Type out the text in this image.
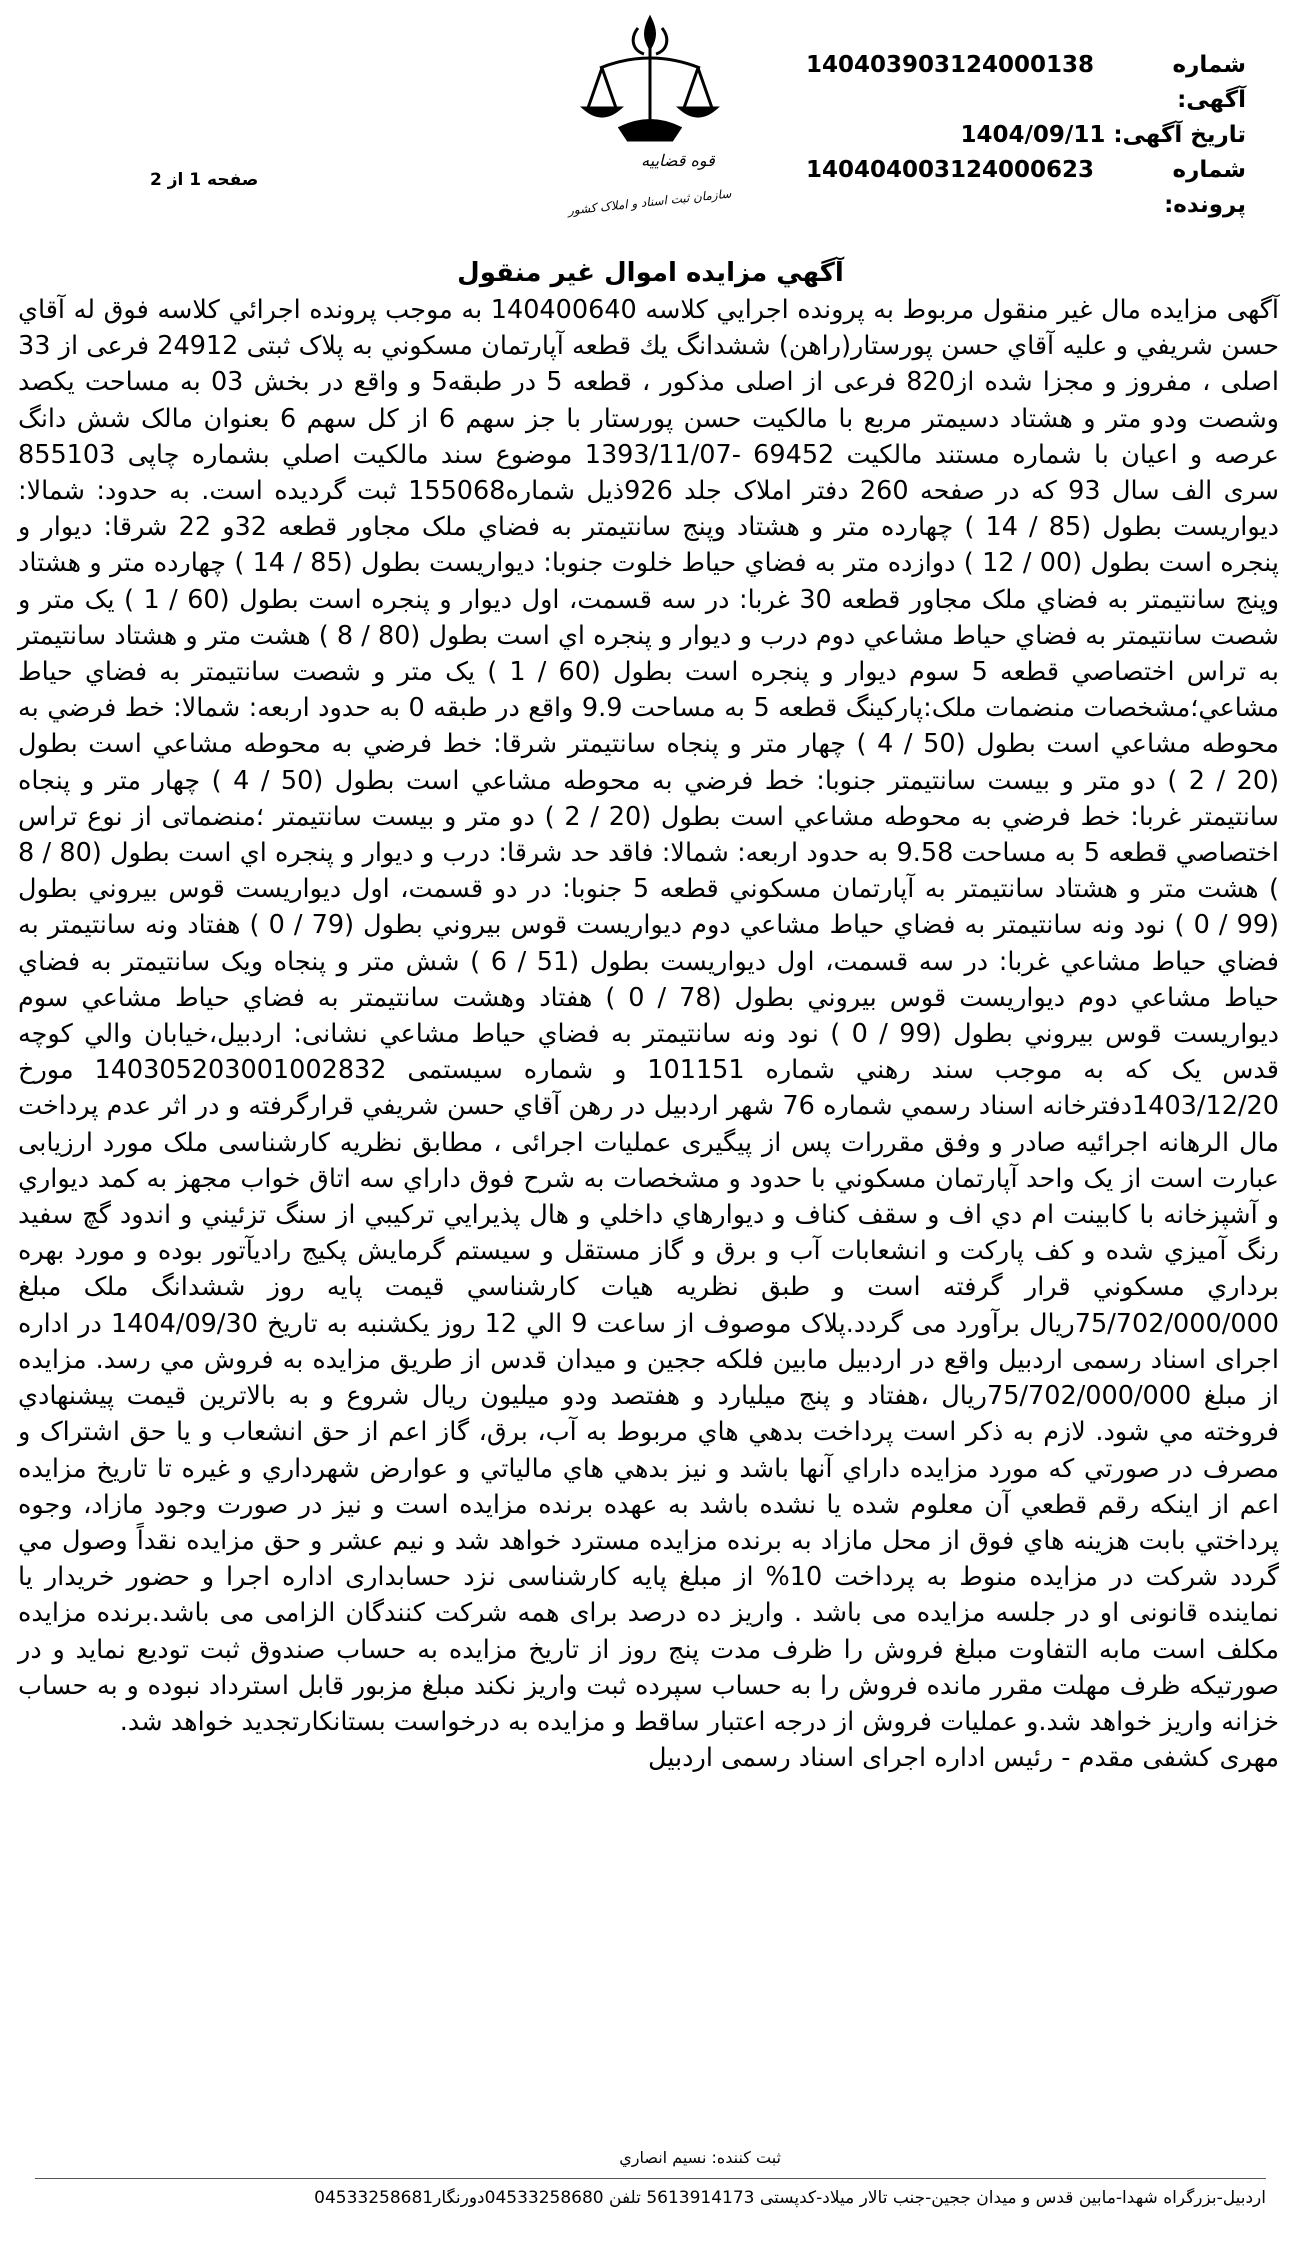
قوه قضاییه
سازمان ثبت اسناد و املاک کشور
صفحه 1 از 2
شماره آگهی:
140403903124000138
تاریخ آگهی:
1404/09/11
شماره پرونده:
140404003124000623
آگهي مزايده اموال غير منقول

آگهی مزايده مال غير منقول مربوط به پرونده اجرايي كلاسه 140400640 به موجب پرونده اجرائي كلاسه فوق له آقاي حسن شريفي و عليه آقاي حسن پورستار(راهن) ششدانگ يك قطعه آپارتمان مسكوني به پلاک ثبتی 24912 فرعی از 33 اصلی ، مفروز و مجزا شده از820 فرعی از اصلی مذکور ، قطعه 5 در طبقه5 و واقع در بخش 03 به مساحت يكصد وشصت ودو متر و هشتاد دسيمتر مربع با مالكيت حسن پورستار با جز سهم 6 از كل سهم 6 بعنوان مالک شش دانگ عرصه و اعيان با شماره مستند مالكيت 69452 -1393/11/07 موضوع سند مالكيت اصلي بشماره چاپی 855103 سری الف سال 93 كه در صفحه 260 دفتر املاک جلد 926ذيل شماره155068 ثبت گرديده است. به حدود: شمالا: ديواريست بطول (85 / 14 ) چهارده متر و هشتاد وپنج سانتيمتر به فضاي ملک مجاور قطعه 32و 22 شرقا: ديوار و پنجره است بطول (00 / 12 ) دوازده متر به فضاي حياط خلوت جنوبا: ديواريست بطول (85 / 14 ) چهارده متر و هشتاد وپنج سانتيمتر به فضاي ملک مجاور قطعه 30 غربا: در سه قسمت، اول ديوار و پنجره است بطول (60 / 1 ) يک متر و شصت سانتيمتر به فضاي حياط مشاعي دوم درب و ديوار و پنجره اي است بطول (80 / 8 ) هشت متر و هشتاد سانتيمتر به تراس اختصاصي قطعه 5 سوم ديوار و پنجره است بطول (60 / 1 ) يک متر و شصت سانتيمتر به فضاي حياط مشاعي؛مشخصات منضمات ملک:پاركينگ قطعه 5 به مساحت 9.9 واقع در طبقه 0 به حدود اربعه: شمالا: خط فرضي به محوطه مشاعي است بطول (50 / 4 ) چهار متر و پنجاه سانتيمتر شرقا: خط فرضي به محوطه مشاعي است بطول (20 / 2 ) دو متر و بيست سانتيمتر جنوبا: خط فرضي به محوطه مشاعي است بطول (50 / 4 ) چهار متر و پنجاه سانتيمتر غربا: خط فرضي به محوطه مشاعي است بطول (20 / 2 ) دو متر و بيست سانتيمتر ؛منضماتی از نوع تراس اختصاصي قطعه 5 به مساحت 9.58 به حدود اربعه: شمالا: فاقد حد شرقا: درب و ديوار و پنجره اي است بطول (80 / 8 ) هشت متر و هشتاد سانتيمتر به آپارتمان مسكوني قطعه 5 جنوبا: در دو قسمت، اول ديواريست قوس بيروني بطول (99 / 0 ) نود ونه سانتيمتر به فضاي حياط مشاعي دوم ديواريست قوس بيروني بطول (79 / 0 ) هفتاد ونه سانتيمتر به فضاي حياط مشاعي غربا: در سه قسمت، اول ديواريست بطول (51 / 6 ) شش متر و پنجاه ويک سانتيمتر به فضاي حياط مشاعي دوم ديواريست قوس بيروني بطول (78 / 0 ) هفتاد وهشت سانتيمتر به فضاي حياط مشاعي سوم ديواريست قوس بيروني بطول (99 / 0 ) نود ونه سانتيمتر به فضاي حياط مشاعي نشانی: اردبيل،خيابان والي كوچه قدس يک كه به موجب سند رهني شماره 101151 و شماره سيستمی 140305203001002832 مورخ 1403/12/20دفترخانه اسناد رسمي شماره 76 شهر اردبيل در رهن آقاي حسن شريفي قرارگرفته و در اثر عدم پرداخت مال الرهانه اجرائيه صادر و وفق مقررات پس از پيگيری عمليات اجرائی ، مطابق نظريه كارشناسی ملک مورد ارزيابی عبارت است از يک واحد آپارتمان مسكوني با حدود و مشخصات به شرح فوق داراي سه اتاق خواب مجهز به كمد ديواري و آشپزخانه با كابينت ام دي اف و سقف كناف و ديوارهاي داخلي و هال پذيرايي تركيبي از سنگ تزئيني و اندود گچ سفيد رنگ آميزي شده و كف پاركت و انشعابات آب و برق و گاز مستقل و سيستم گرمايش پكيج راديآتور بوده و مورد بهره برداري مسكوني قرار گرفته است و طبق نظريه هيات كارشناسي قيمت پايه روز ششدانگ ملک مبلغ 75/702/000/000ريال برآورد می گردد.پلاک موصوف از ساعت 9 الي 12 روز يكشنبه به تاريخ 1404/09/30 در اداره اجرای اسناد رسمی اردبيل واقع در اردبيل مابين فلكه ججين و ميدان قدس از طريق مزايده به فروش مي رسد. مزايده از مبلغ 75/702/000/000ريال ،هفتاد و پنج ميليارد و هفتصد ودو ميليون ريال شروع و به بالاترين قيمت پيشنهادي فروخته مي شود. لازم به ذكر است پرداخت بدهي هاي مربوط به آب، برق، گاز اعم از حق انشعاب و يا حق اشتراک و مصرف در صورتي كه مورد مزايده داراي آنها باشد و نيز بدهي هاي مالياتي و عوارض شهرداري و غيره تا تاريخ مزايده اعم از اينكه رقم قطعي آن معلوم شده يا نشده باشد به عهده برنده مزايده است و نيز در صورت وجود مازاد، وجوه پرداختي بابت هزينه هاي فوق از محل مازاد به برنده مزايده مسترد خواهد شد و نيم عشر و حق مزايده نقداً وصول مي گردد شركت در مزايده منوط به پرداخت 10% از مبلغ پايه كارشناسی نزد حسابداری اداره اجرا و حضور خريدار يا نماينده قانونی او در جلسه مزايده می باشد . واريز ده درصد برای همه شركت كنندگان الزامی می باشد.برنده مزايده مكلف است مابه التفاوت مبلغ فروش را ظرف مدت پنج روز از تاريخ مزايده به حساب صندوق ثبت توديع نمايد و در صورتيكه ظرف مهلت مقرر مانده فروش را به حساب سپرده ثبت واريز نكند مبلغ مزبور قابل استرداد نبوده و به حساب خزانه واريز خواهد شد.و عمليات فروش از درجه اعتبار ساقط و مزايده به درخواست بستانكارتجديد خواهد شد.

مهری كشفی مقدم - رئيس اداره اجرای اسناد رسمی اردبيل

ثبت كننده: نسيم انصاري
اردبیل-بزرگراه شهدا-مابین قدس و میدان ججین-جنب تالار میلاد-کدپستی 5613914173 تلفن 04533258680دورنگار04533258681
